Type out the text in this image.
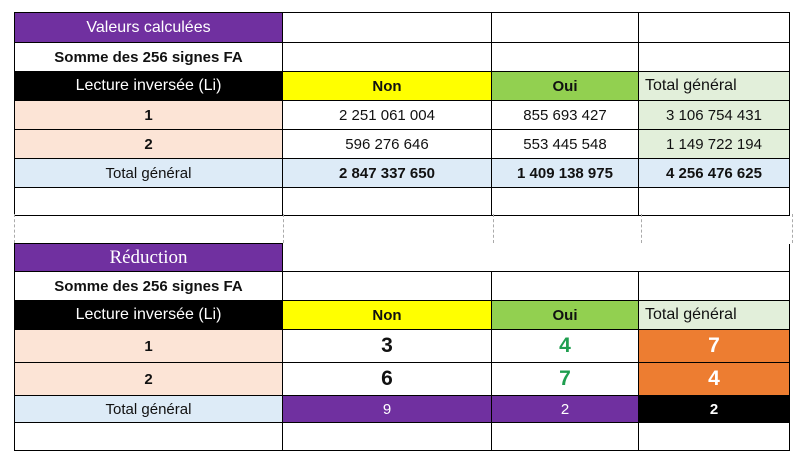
Valeurs calculées			
Somme des 256 signes FA			
Lecture inversée (Li)	Non	Oui	Total général
1	2 251 061 004	855 693 427	3 106 754 431
2	596 276 646	553 445 548	1 149 722 194
Total général	2 847 337 650	1 409 138 975	4 256 476 625

Réduction			
Somme des 256 signes FA			
Lecture inversée (Li)	Non	Oui	Total général
1	3	4	7
2	6	7	4
Total général	9	2	2
